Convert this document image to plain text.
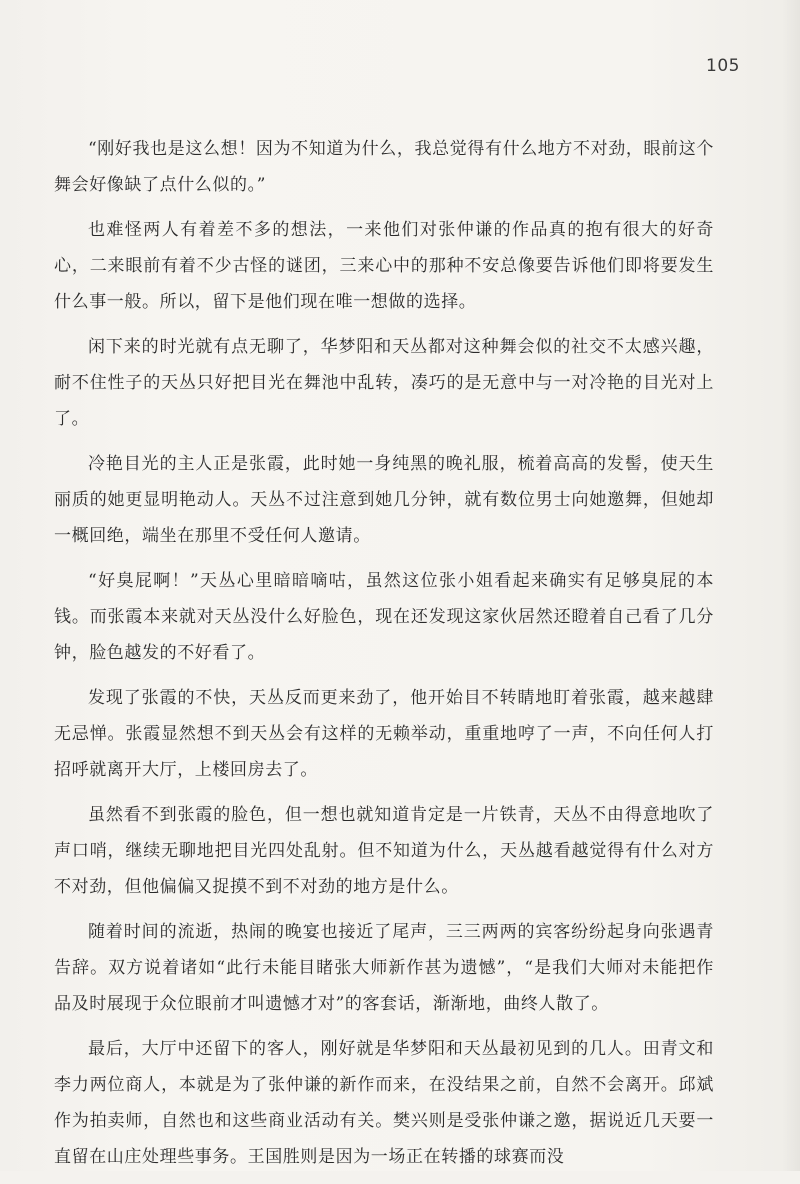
105

“刚好我也是这么想！因为不知道为什么，我总觉得有什么地方不对劲，眼前这个舞会好像缺了点什么似的。”

也难怪两人有着差不多的想法，一来他们对张仲谦的作品真的抱有很大的好奇心，二来眼前有着不少古怪的谜团，三来心中的那种不安总像要告诉他们即将要发生什么事一般。所以，留下是他们现在唯一想做的选择。

闲下来的时光就有点无聊了，华梦阳和天丛都对这种舞会似的社交不太感兴趣，耐不住性子的天丛只好把目光在舞池中乱转，凑巧的是无意中与一对冷艳的目光对上了。

冷艳目光的主人正是张霞，此时她一身纯黑的晚礼服，梳着高高的发髻，使天生丽质的她更显明艳动人。天丛不过注意到她几分钟，就有数位男士向她邀舞，但她却一概回绝，端坐在那里不受任何人邀请。

“好臭屁啊！”天丛心里暗暗嘀咕，虽然这位张小姐看起来确实有足够臭屁的本钱。而张霞本来就对天丛没什么好脸色，现在还发现这家伙居然还瞪着自己看了几分钟，脸色越发的不好看了。

发现了张霞的不快，天丛反而更来劲了，他开始目不转睛地盯着张霞，越来越肆无忌惮。张霞显然想不到天丛会有这样的无赖举动，重重地哼了一声，不向任何人打招呼就离开大厅，上楼回房去了。

虽然看不到张霞的脸色，但一想也就知道肯定是一片铁青，天丛不由得意地吹了声口哨，继续无聊地把目光四处乱射。但不知道为什么，天丛越看越觉得有什么对方不对劲，但他偏偏又捉摸不到不对劲的地方是什么。

随着时间的流逝，热闹的晚宴也接近了尾声，三三两两的宾客纷纷起身向张遇青告辞。双方说着诸如“此行未能目睹张大师新作甚为遗憾”，“是我们大师对未能把作品及时展现于众位眼前才叫遗憾才对”的客套话，渐渐地，曲终人散了。

最后，大厅中还留下的客人，刚好就是华梦阳和天丛最初见到的几人。田青文和李力两位商人，本就是为了张仲谦的新作而来，在没结果之前，自然不会离开。邱斌作为拍卖师，自然也和这些商业活动有关。樊兴则是受张仲谦之邀，据说近几天要一直留在山庄处理些事务。王国胜则是因为一场正在转播的球赛而没
